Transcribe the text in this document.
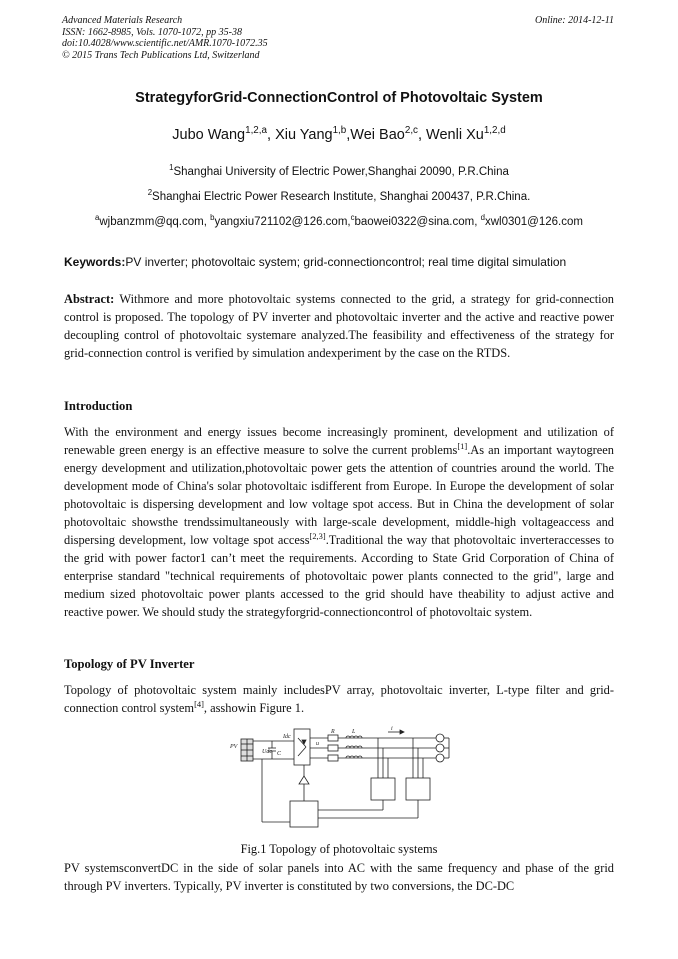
Advanced Materials Research
ISSN: 1662-8985, Vols. 1070-1072, pp 35-38
doi:10.4028/www.scientific.net/AMR.1070-1072.35
© 2015 Trans Tech Publications Ltd, Switzerland
Online: 2014-12-11
StrategyforGrid-ConnectionControl of Photovoltaic System
Jubo Wang$^{1,2,a}$, Xiu Yang$^{1,b}$,Wei Bao$^{2,c}$, Wenli Xu$^{1,2,d}$
$^1$Shanghai University of Electric Power,Shanghai 20090, P.R.China
$^2$Shanghai Electric Power Research Institute, Shanghai 200437, P.R.China.
$^a$wjbanzmm@qq.com, $^b$yangxiu721102@126.com,$^c$baowei0322@sina.com, $^d$xwl0301@126.com
Keywords:PV inverter; photovoltaic system; grid-connectioncontrol; real time digital simulation
Abstract: Withmore and more photovoltaic systems connected to the grid, a strategy for grid-connection control is proposed. The topology of PV inverter and photovoltaic inverter and the active and reactive power decoupling control of photovoltaic systemare analyzed.The feasibility and effectiveness of the strategy for grid-connection control is verified by simulation andexperiment by the case on the RTDS.
Introduction
With the environment and energy issues become increasingly prominent, development and utilization of renewable green energy is an effective measure to solve the current problems[1].As an important waytogreen energy development and utilization,photovoltaic power gets the attention of countries around the world. The development mode of China's solar photovoltaic isdifferent from Europe. In Europe the development of solar photovoltaic is dispersing development and low voltage spot access. But in China the development of solar photovoltaic showsthe trendssimultaneously with large-scale development, middle-high voltageaccess and dispersing development, low voltage spot access[2,3].Traditional the way that photovoltaic inverteraccesses to the grid with power factor1 can’t meet the requirements. According to State Grid Corporation of China of enterprise standard "technical requirements of photovoltaic power plants connected to the grid", large and medium sized photovoltaic power plants accessed to the grid should have theability to adjust active and reactive power. We should study the strategyforgrid-connectioncontrol of photovoltaic system.
Topology of PV Inverter
Topology of photovoltaic system mainly includesPV array, photovoltaic inverter, L-type filter and grid-connection control system[4], asshowin Figure 1.
PV
Udc C
Idc
R	L	i
u
Fig.1 Topology of photovoltaic systems
PV systemsconvertDC in the side of solar panels into AC with the same frequency and phase of the grid through PV inverters. Typically, PV inverter is constituted by two conversions, the DC-DC
